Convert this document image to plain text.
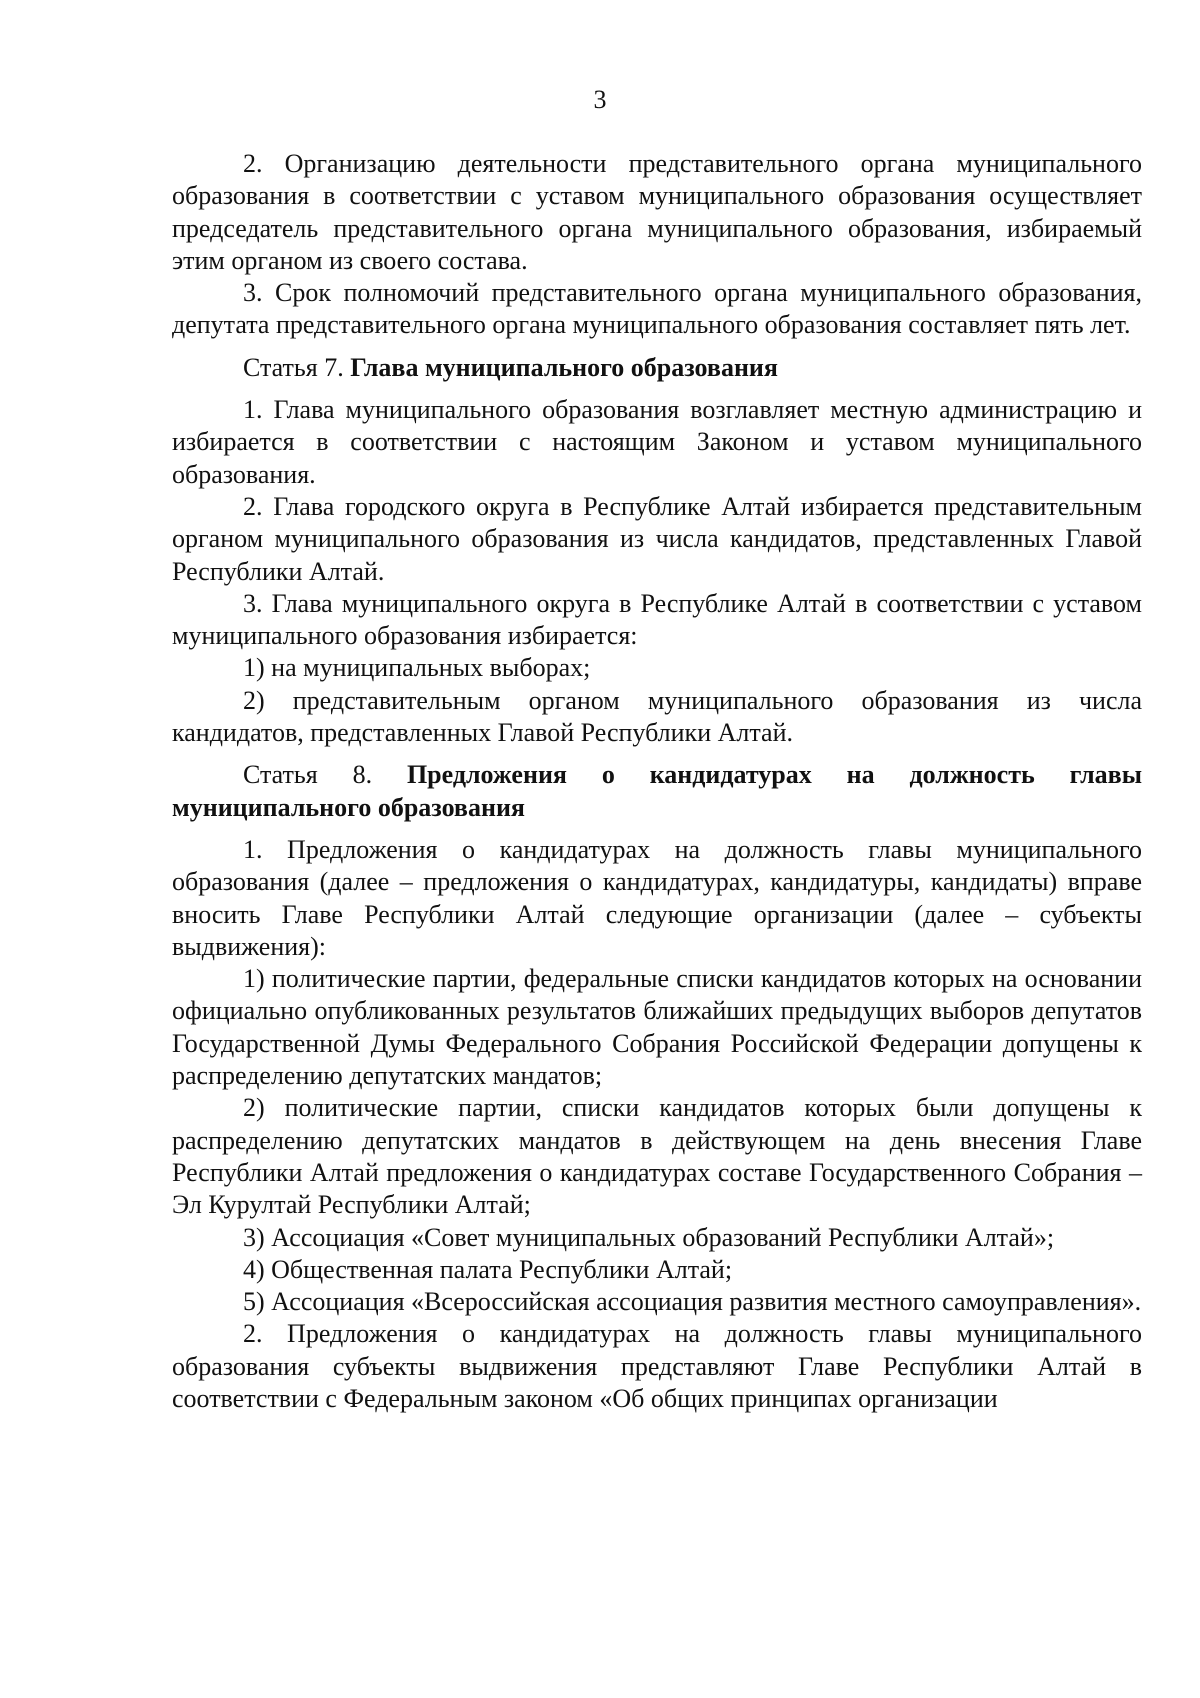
3

2. Организацию деятельности представительного органа муниципального образования в соответствии с уставом муниципального образования осуществляет председатель представительного органа муниципального образования, избираемый этим органом из своего состава.

3. Срок полномочий представительного органа муниципального образования, депутата представительного органа муниципального образования составляет пять лет.

Статья 7. Глава муниципального образования

1. Глава муниципального образования возглавляет местную администрацию и избирается в соответствии с настоящим Законом и уставом муниципального образования.

2. Глава городского округа в Республике Алтай избирается представительным органом муниципального образования из числа кандидатов, представленных Главой Республики Алтай.

3. Глава муниципального округа в Республике Алтай в соответствии с уставом муниципального образования избирается:

1) на муниципальных выборах;

2) представительным органом муниципального образования из числа кандидатов, представленных Главой Республики Алтай.

Статья 8. Предложения о кандидатурах на должность главы муниципального образования

1. Предложения о кандидатурах на должность главы муниципального образования (далее – предложения о кандидатурах, кандидатуры, кандидаты) вправе вносить Главе Республики Алтай следующие организации (далее – субъекты выдвижения):

1) политические партии, федеральные списки кандидатов которых на основании официально опубликованных результатов ближайших предыдущих выборов депутатов Государственной Думы Федерального Собрания Российской Федерации допущены к распределению депутатских мандатов;

2) политические партии, списки кандидатов которых были допущены к распределению депутатских мандатов в действующем на день внесения Главе Республики Алтай предложения о кандидатурах составе Государственного Собрания – Эл Курултай Республики Алтай;

3) Ассоциация «Совет муниципальных образований Республики Алтай»;

4) Общественная палата Республики Алтай;

5) Ассоциация «Всероссийская ассоциация развития местного самоуправления».

2. Предложения о кандидатурах на должность главы муниципального образования субъекты выдвижения представляют Главе Республики Алтай в соответствии с Федеральным законом «Об общих принципах организации
